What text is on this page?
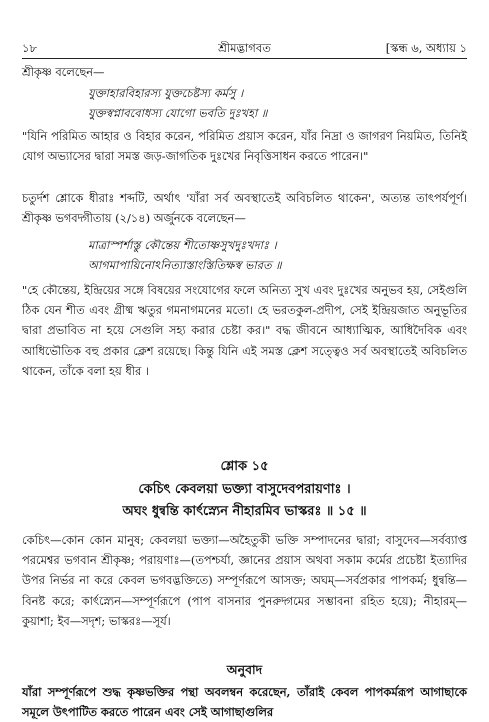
১৮	শ্রীমদ্ভাগবত	[স্কন্ধ ৬, অধ্যায় ১

শ্রীকৃষ্ণ বলেছেন—

যুক্তাহারবিহারস্য যুক্তচেষ্টস্য কর্মসু ।
যুক্তস্বপ্নাববোধস্য যোগো ভবতি দুঃখহা ॥

"যিনি পরিমিত আহার ও বিহার করেন, পরিমিত প্রয়াস করেন, যাঁর নিদ্রা ও জাগরণ নিয়মিত, তিনিই যোগ অভ্যাসের দ্বারা সমস্ত জড়-জাগতিক দুঃখের নিবৃত্তিসাধন করতে পারেন।"

চতুর্দশ শ্লোকে ধীরাঃ শব্দটি, অর্থাৎ 'যাঁরা সর্ব অবস্থাতেই অবিচলিত থাকেন', অত্যন্ত তাৎপর্যপূর্ণ। শ্রীকৃষ্ণ ভগবদ্গীতায় (২/১৪) অর্জুনকে বলেছেন—

মাত্রাস্পর্শাস্তু কৌন্তেয় শীতোষ্ণসুখদুঃখদাঃ ।
আগমাপায়িনোঽনিত্যাস্তাংস্তিতিক্ষস্ব ভারত ॥

"হে কৌন্তেয়, ইন্দ্রিয়ের সঙ্গে বিষয়ের সংযোগের ফলে অনিত্য সুখ এবং দুঃখের অনুভব হয়, সেইগুলি ঠিক যেন শীত এবং গ্রীষ্ম ঋতুর গমনাগমনের মতো। হে ভরতকুল-প্রদীপ, সেই ইন্দ্রিয়জাত অনুভূতির দ্বারা প্রভাবিত না হয়ে সেগুলি সহ্য করার চেষ্টা কর।" বদ্ধ জীবনে আধ্যাত্মিক, আধিদৈবিক এবং আধিভৌতিক বহু প্রকার ক্লেশ রয়েছে। কিন্তু যিনি এই সমস্ত ক্লেশ সত্ত্বেও সর্ব অবস্থাতেই অবিচলিত থাকেন, তাঁকে বলা হয় ধীর ।

শ্লোক ১৫
কেচিৎ কেবলয়া ভক্ত্যা বাসুদেবপরায়ণাঃ ।
অঘং ধুন্বন্তি কার্ৎস্ন্যেন নীহারমিব ভাস্করঃ ॥ ১৫ ॥

কেচিৎ—কোন কোন মানুষ; কেবলয়া ভক্ত্যা—অহৈতুকী ভক্তি সম্পাদনের দ্বারা; বাসুদেব—সর্বব্যাপ্ত পরমেশ্বর ভগবান শ্রীকৃষ্ণ; পরায়ণাঃ—(তপশ্চর্যা, জ্ঞানের প্রয়াস অথবা সকাম কর্মের প্রচেষ্টা ইত্যাদির উপর নির্ভর না করে কেবল ভগবদ্ভক্তিতে) সম্পূর্ণরূপে আসক্ত; অঘম্—সর্বপ্রকার পাপকর্ম; ধুন্বন্তি—বিনষ্ট করে; কার্ৎস্ন্যেন—সম্পূর্ণরূপে (পাপ বাসনার পুনরুদ্গমের সম্ভাবনা রহিত হয়ে); নীহারম্—কুয়াশা; ইব—সদৃশ; ভাস্করঃ—সূর্য।

অনুবাদ

যাঁরা সম্পূর্ণরূপে শুদ্ধ কৃষ্ণভক্তির পন্থা অবলম্বন করেছেন, তাঁরাই কেবল পাপকর্মরূপ আগাছাকে সমূলে উৎপাটিত করতে পারেন এবং সেই আগাছাগুলির
